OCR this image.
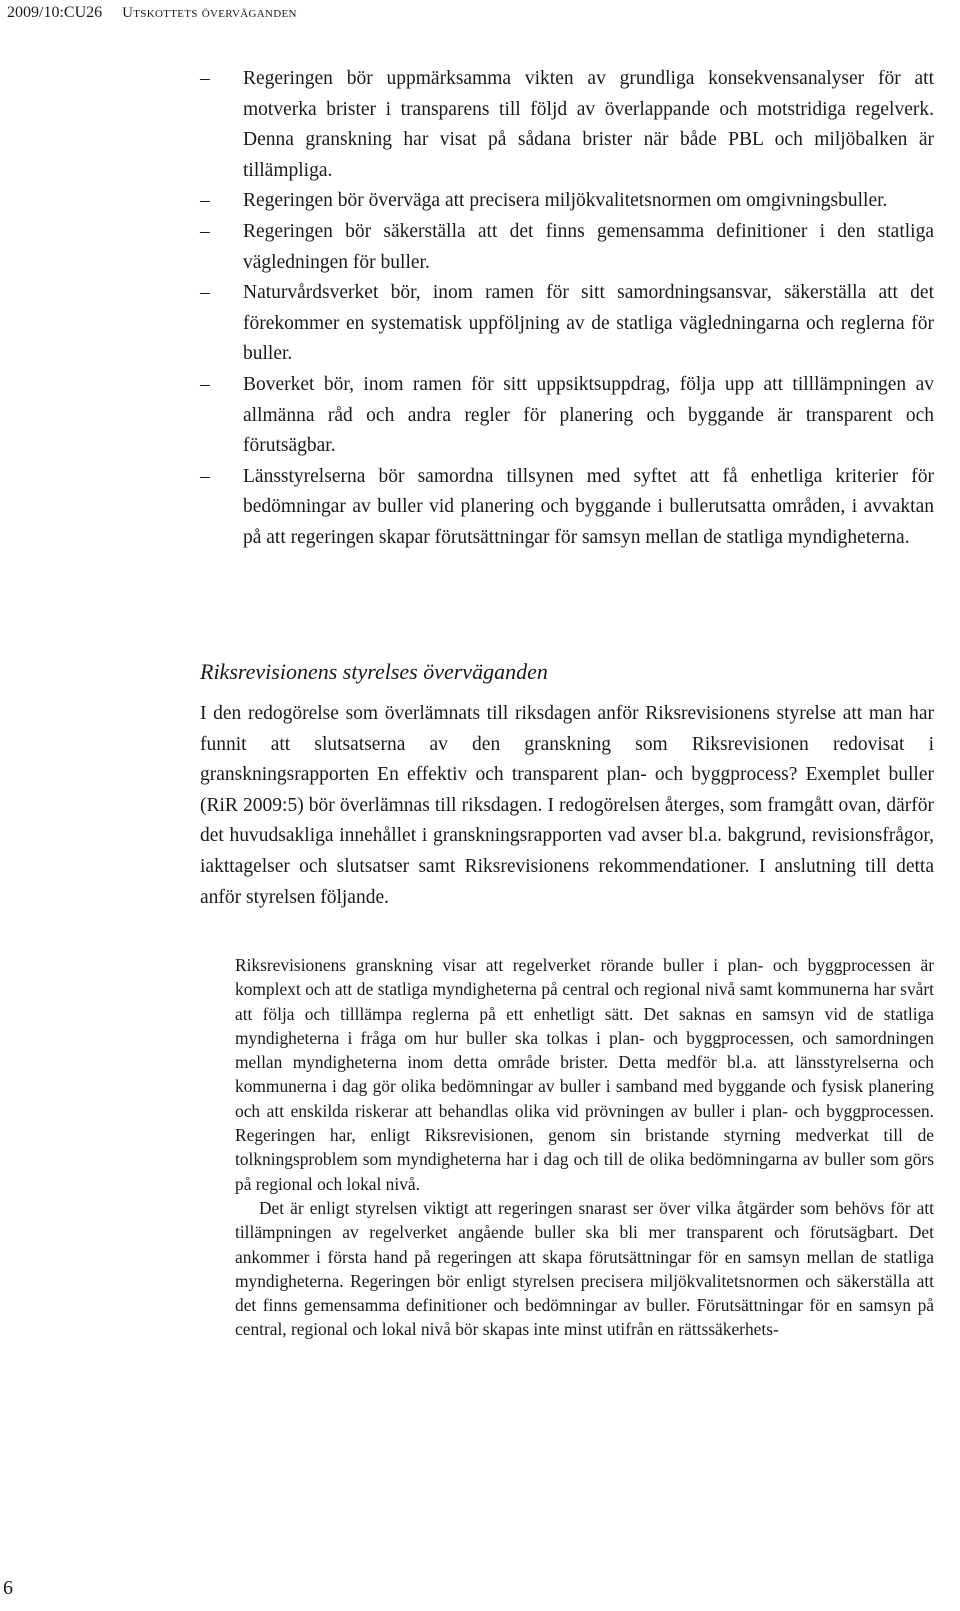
2009/10:CU26 Utskottets överväganden
– Regeringen bör uppmärksamma vikten av grundliga konsekvensanalyser för att motverka brister i transparens till följd av överlappande och motstridiga regelverk. Denna granskning har visat på sådana brister när både PBL och miljöbalken är tillämpliga.
– Regeringen bör överväga att precisera miljökvalitetsnormen om omgivningsbuller.
– Regeringen bör säkerställa att det finns gemensamma definitioner i den statliga vägledningen för buller.
– Naturvårdsverket bör, inom ramen för sitt samordningsansvar, säkerställa att det förekommer en systematisk uppföljning av de statliga vägledningarna och reglerna för buller.
– Boverket bör, inom ramen för sitt uppsiktsuppdrag, följa upp att tilllämpningen av allmänna råd och andra regler för planering och byggande är transparent och förutsägbar.
– Länsstyrelserna bör samordna tillsynen med syftet att få enhetliga kriterier för bedömningar av buller vid planering och byggande i bullerutsatta områden, i avvaktan på att regeringen skapar förutsättningar för samsyn mellan de statliga myndigheterna.
Riksrevisionens styrelses överväganden

I den redogörelse som överlämnats till riksdagen anför Riksrevisionens styrelse att man har funnit att slutsatserna av den granskning som Riksrevisionen redovisat i granskningsrapporten En effektiv och transparent plan- och byggprocess? Exemplet buller (RiR 2009:5) bör överlämnas till riksdagen. I redogörelsen återges, som framgått ovan, därför det huvudsakliga innehållet i granskningsrapporten vad avser bl.a. bakgrund, revisionsfrågor, iakttagelser och slutsatser samt Riksrevisionens rekommendationer. I anslutning till detta anför styrelsen följande.

Riksrevisionens granskning visar att regelverket rörande buller i plan- och byggprocessen är komplext och att de statliga myndigheterna på central och regional nivå samt kommunerna har svårt att följa och tilllämpa reglerna på ett enhetligt sätt. Det saknas en samsyn vid de statliga myndigheterna i fråga om hur buller ska tolkas i plan- och byggprocessen, och samordningen mellan myndigheterna inom detta område brister. Detta medför bl.a. att länsstyrelserna och kommunerna i dag gör olika bedömningar av buller i samband med byggande och fysisk planering och att enskilda riskerar att behandlas olika vid prövningen av buller i plan- och byggprocessen. Regeringen har, enligt Riksrevisionen, genom sin bristande styrning medverkat till de tolkningsproblem som myndigheterna har i dag och till de olika bedömningarna av buller som görs på regional och lokal nivå.

Det är enligt styrelsen viktigt att regeringen snarast ser över vilka åtgärder som behövs för att tillämpningen av regelverket angående buller ska bli mer transparent och förutsägbart. Det ankommer i första hand på regeringen att skapa förutsättningar för en samsyn mellan de statliga myndigheterna. Regeringen bör enligt styrelsen precisera miljökvalitetsnormen och säkerställa att det finns gemensamma definitioner och bedömningar av buller. Förutsättningar för en samsyn på central, regional och lokal nivå bör skapas inte minst utifrån en rättssäkerhets-

6
